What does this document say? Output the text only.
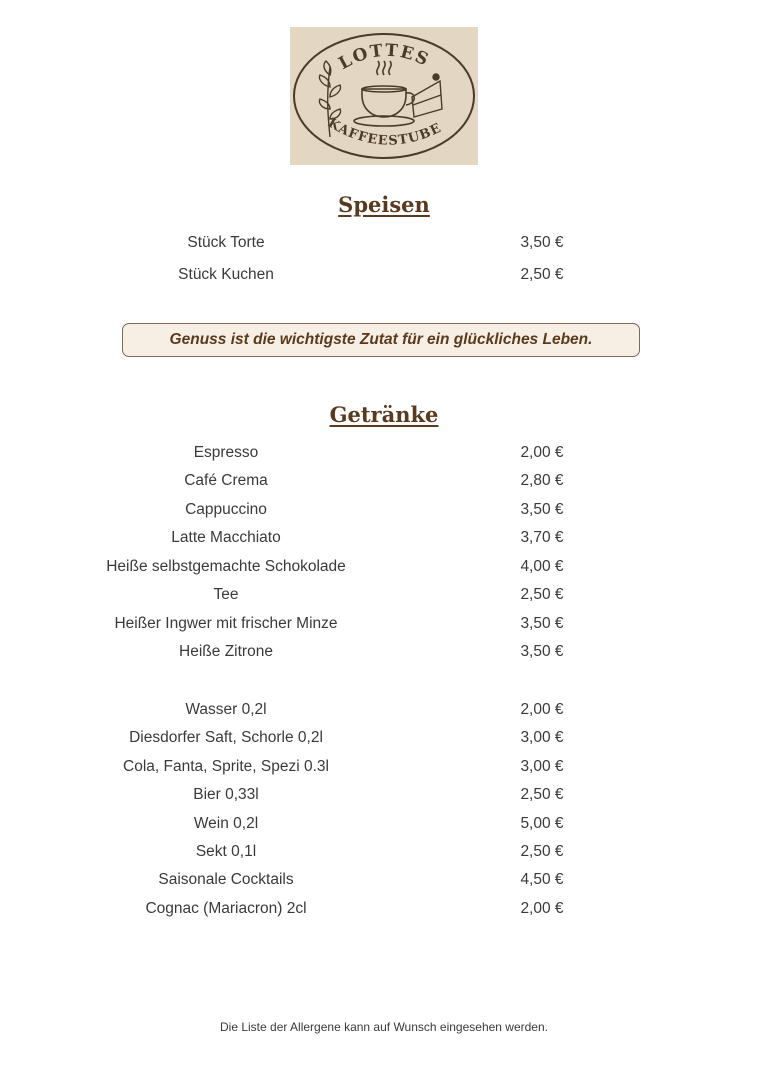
LOTTES
KAFFEESTUBE
Speisen
Stück Torte	3,50 €
Stück Kuchen	2,50 €
Genuss ist die wichtigste Zutat für ein glückliches Leben.
Getränke
Espresso	2,00 €
Café Crema	2,80 €
Cappuccino	3,50 €
Latte Macchiato	3,70 €
Heiße selbstgemachte Schokolade	4,00 €
Tee	2,50 €
Heißer Ingwer mit frischer Minze	3,50 €
Heiße Zitrone	3,50 €
Wasser 0,2l	2,00 €
Diesdorfer Saft, Schorle 0,2l	3,00 €
Cola, Fanta, Sprite, Spezi 0.3l	3,00 €
Bier 0,33l	2,50 €
Wein 0,2l	5,00 €
Sekt 0,1l	2,50 €
Saisonale Cocktails	4,50 €
Cognac (Mariacron) 2cl	2,00 €
Die Liste der Allergene kann auf Wunsch eingesehen werden.
